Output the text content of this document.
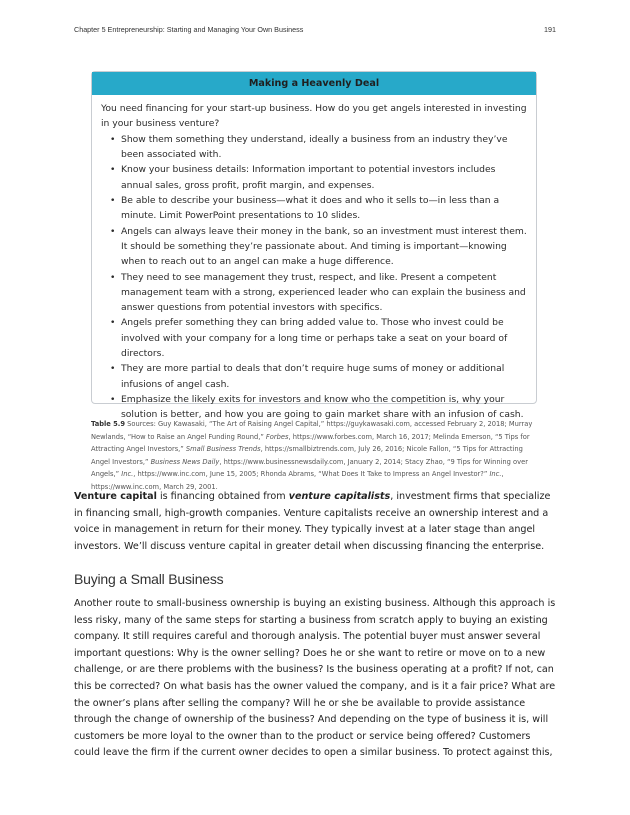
Chapter 5 Entrepreneurship: Starting and Managing Your Own Business	191
Making a Heavenly Deal

You need financing for your start-up business. How do you get angels interested in investing in your business venture?

• Show them something they understand, ideally a business from an industry they’ve been associated with.
• Know your business details: Information important to potential investors includes annual sales, gross profit, profit margin, and expenses.
• Be able to describe your business—what it does and who it sells to—in less than a minute. Limit PowerPoint presentations to 10 slides.
• Angels can always leave their money in the bank, so an investment must interest them. It should be something they’re passionate about. And timing is important—knowing when to reach out to an angel can make a huge difference.
• They need to see management they trust, respect, and like. Present a competent management team with a strong, experienced leader who can explain the business and answer questions from potential investors with specifics.
• Angels prefer something they can bring added value to. Those who invest could be involved with your company for a long time or perhaps take a seat on your board of directors.
• They are more partial to deals that don’t require huge sums of money or additional infusions of angel cash.
• Emphasize the likely exits for investors and know who the competition is, why your solution is better, and how you are going to gain market share with an infusion of cash.
Table 5.9 Sources: Guy Kawasaki, “The Art of Raising Angel Capital,” https://guykawasaki.com, accessed February 2, 2018; Murray Newlands, “How to Raise an Angel Funding Round,” Forbes, https://www.forbes.com, March 16, 2017; Melinda Emerson, “5 Tips for Attracting Angel Investors,” Small Business Trends, https://smallbiztrends.com, July 26, 2016; Nicole Fallon, “5 Tips for Attracting Angel Investors,” Business News Daily, https://www.businessnewsdaily.com, January 2, 2014; Stacy Zhao, “9 Tips for Winning over Angels,” Inc., https://www.inc.com, June 15, 2005; Rhonda Abrams, “What Does It Take to Impress an Angel Investor?” Inc., https://www.inc.com, March 29, 2001.
Venture capital is financing obtained from venture capitalists, investment firms that specialize in financing small, high-growth companies. Venture capitalists receive an ownership interest and a voice in management in return for their money. They typically invest at a later stage than angel investors. We’ll discuss venture capital in greater detail when discussing financing the enterprise.
Buying a Small Business
Another route to small-business ownership is buying an existing business. Although this approach is less risky, many of the same steps for starting a business from scratch apply to buying an existing company. It still requires careful and thorough analysis. The potential buyer must answer several important questions: Why is the owner selling? Does he or she want to retire or move on to a new challenge, or are there problems with the business? Is the business operating at a profit? If not, can this be corrected? On what basis has the owner valued the company, and is it a fair price? What are the owner’s plans after selling the company? Will he or she be available to provide assistance through the change of ownership of the business? And depending on the type of business it is, will customers be more loyal to the owner than to the product or service being offered? Customers could leave the firm if the current owner decides to open a similar business. To protect against this,
